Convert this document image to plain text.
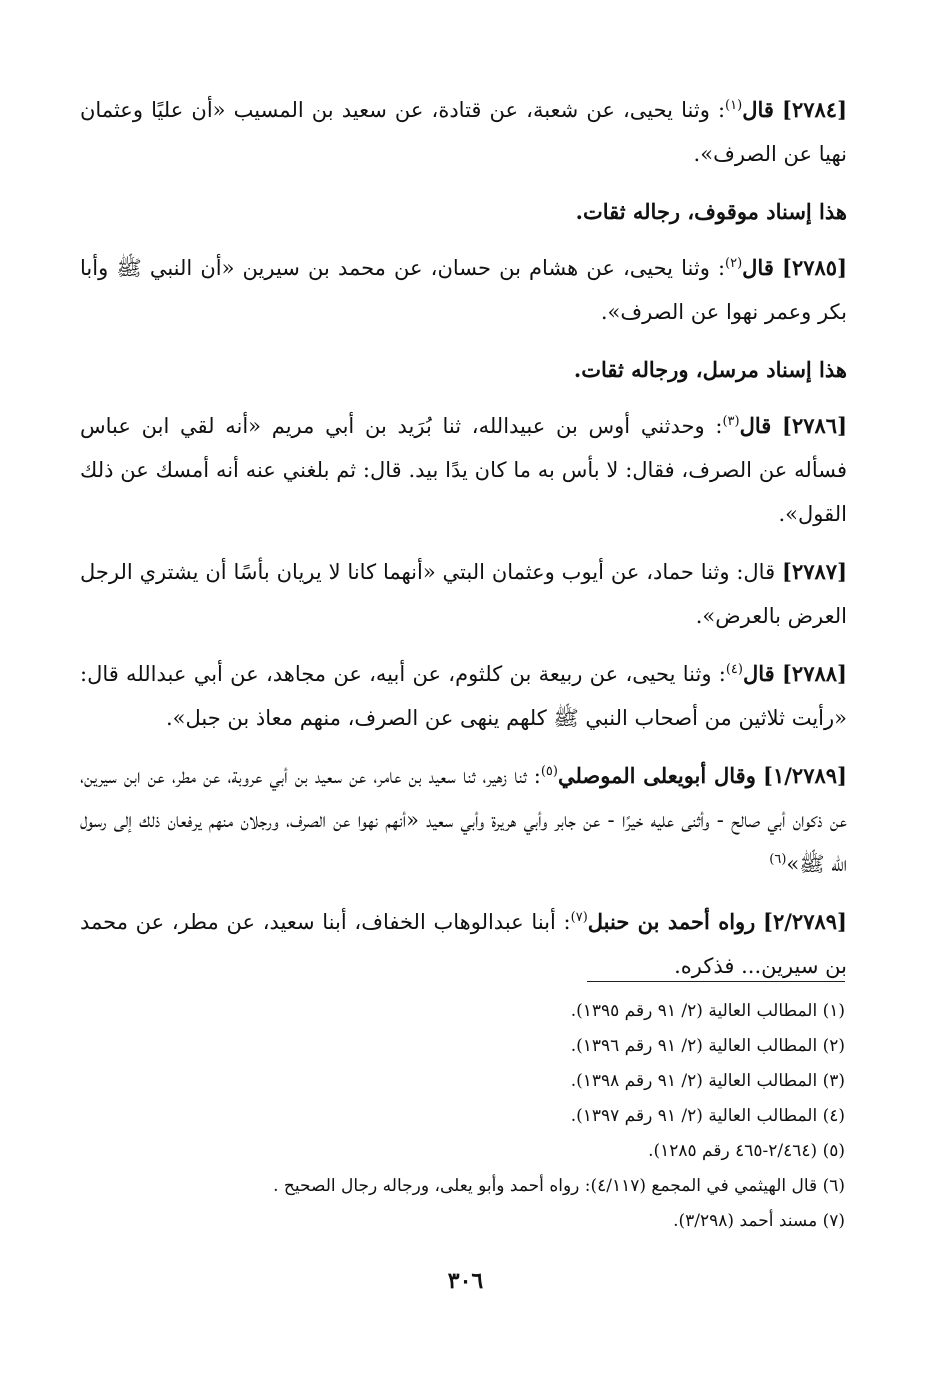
[٢٧٨٤] قال$^{(١)}$: وثنا يحيى، عن شعبة، عن قتادة، عن سعيد بن المسيب «أن عليًا وعثمان نهيا عن الصرف».

هذا إسناد موقوف، رجاله ثقات.

[٢٧٨٥] قال$^{(٢)}$: وثنا يحيى، عن هشام بن حسان، عن محمد بن سيرين «أن النبي ﷺ وأبا بكر وعمر نهوا عن الصرف».

هذا إسناد مرسل، ورجاله ثقات.

[٢٧٨٦] قال$^{(٣)}$: وحدثني أوس بن عبيدالله، ثنا بُرَيد بن أبي مريم «أنه لقي ابن عباس فسأله عن الصرف، فقال: لا بأس به ما كان يدًا بيد. قال: ثم بلغني عنه أنه أمسك عن ذلك القول».

[٢٧٨٧] قال: وثنا حماد، عن أيوب وعثمان البتي «أنهما كانا لا يريان بأسًا أن يشتري الرجل العرض بالعرض».

[٢٧٨٨] قال$^{(٤)}$: وثنا يحيى، عن ربيعة بن كلثوم، عن أبيه، عن مجاهد، عن أبي عبدالله قال: «رأيت ثلاثين من أصحاب النبي ﷺ كلهم ينهى عن الصرف، منهم معاذ بن جبل».

[١/٢٧٨٩] وقال أبويعلى الموصلي$^{(٥)}$: ثنا زهير، ثنا سعيد بن عامر، عن سعيد بن أبي عروبة، عن مطر، عن ابن سيرين، عن ذكوان أبي صالح - وأثنى عليه خيرًا - عن جابر وأبي هريرة وأبي سعيد «أنهم نهوا عن الصرف، ورجلان منهم يرفعان ذلك إلى رسول الله ﷺ»$^{(٦)}$

[٢/٢٧٨٩] رواه أحمد بن حنبل$^{(٧)}$: أبنا عبدالوهاب الخفاف، أبنا سعيد، عن مطر، عن محمد بن سيرين... فذكره.

(١) المطالب العالية (٢/ ٩١ رقم ١٣٩٥).
(٢) المطالب العالية (٢/ ٩١ رقم ١٣٩٦).
(٣) المطالب العالية (٢/ ٩١ رقم ١٣٩٨).
(٤) المطالب العالية (٢/ ٩١ رقم ١٣٩٧).
(٥) (٢/٤٦٤-٤٦٥ رقم ١٢٨٥).
(٦) قال الهيثمي في المجمع (٤/١١٧): رواه أحمد وأبو يعلى، ورجاله رجال الصحيح .
(٧) مسند أحمد (٣/٢٩٨).
٣٠٦
